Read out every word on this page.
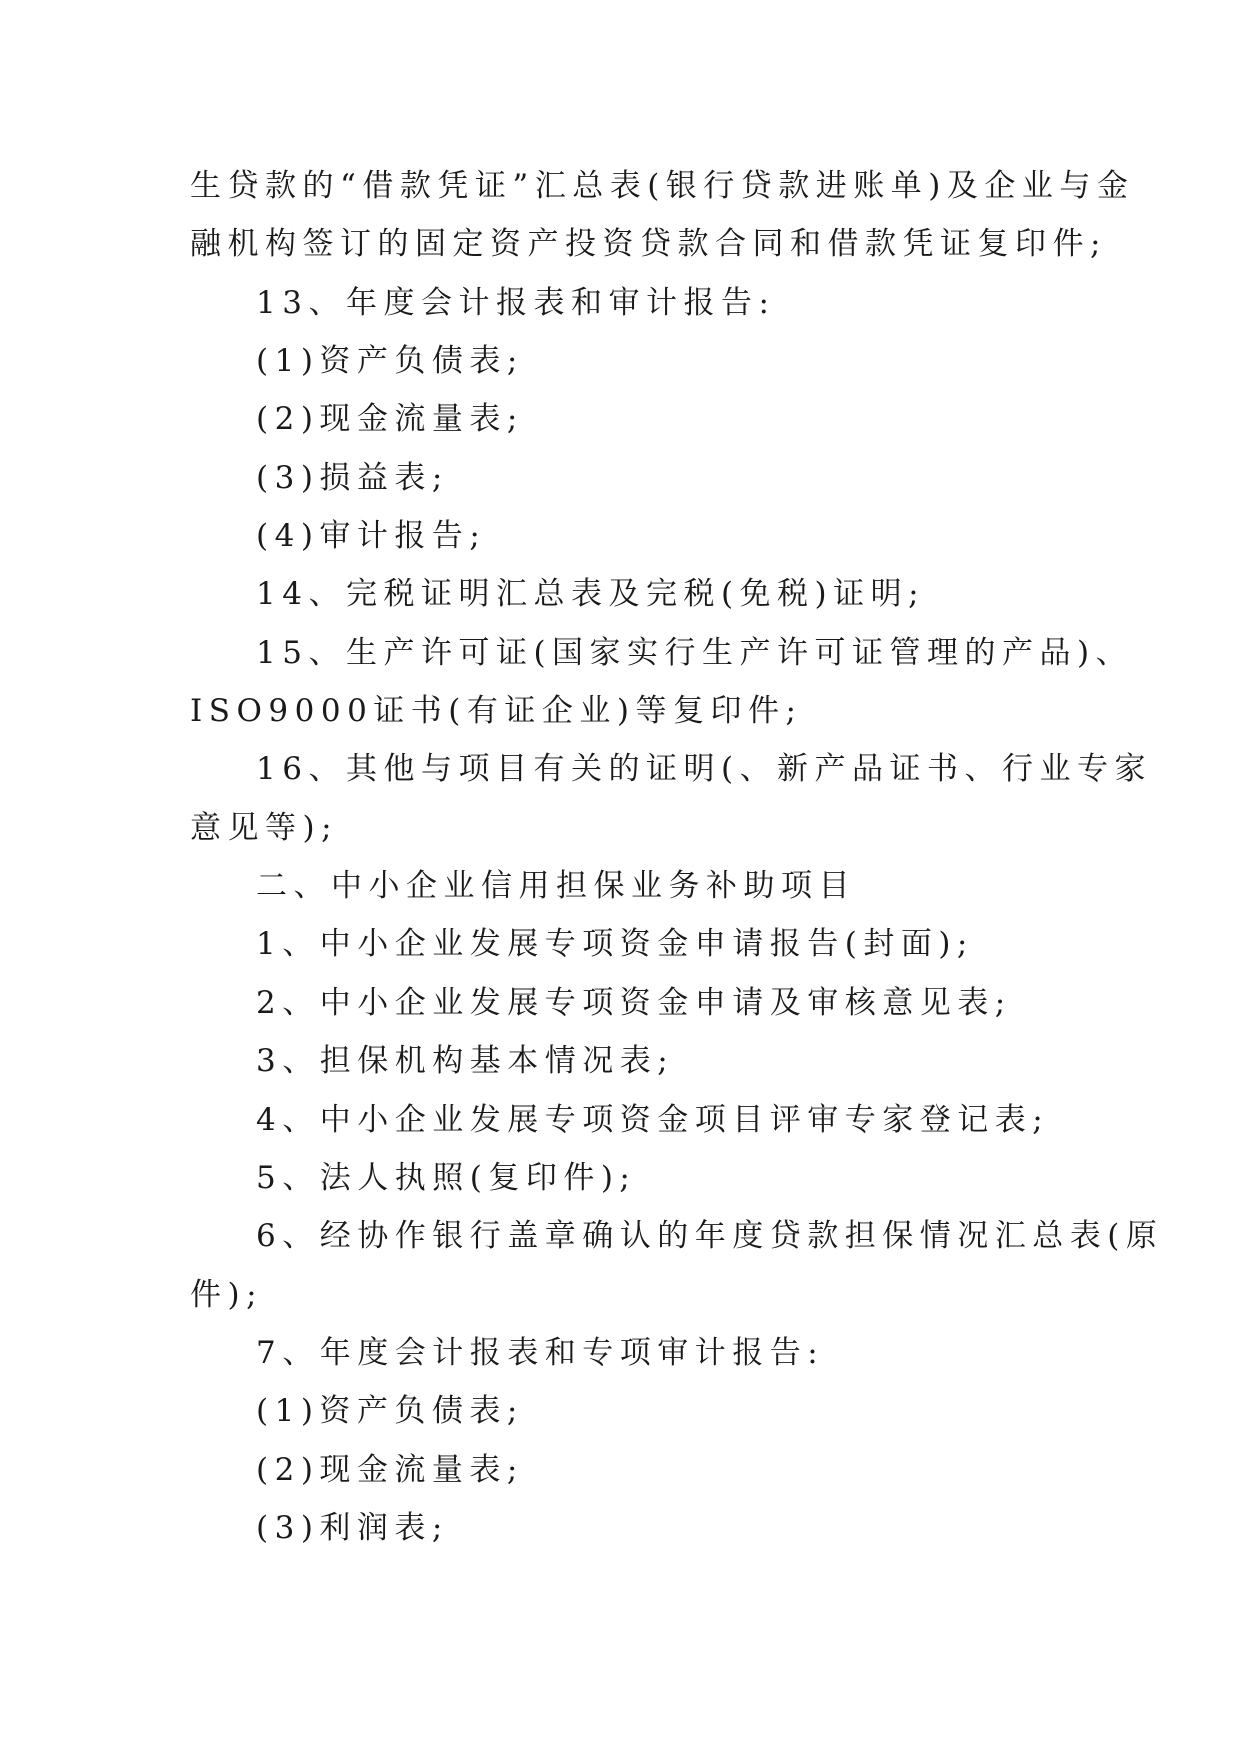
生贷款的“借款凭证”汇总表(银行贷款进账单)及企业与金
融机构签订的固定资产投资贷款合同和借款凭证复印件;
13、年度会计报表和审计报告:
(1)资产负债表;
(2)现金流量表;
(3)损益表;
(4)审计报告;
14、完税证明汇总表及完税(免税)证明;
15、生产许可证(国家实行生产许可证管理的产品)、
ISO9000证书(有证企业)等复印件;
16、其他与项目有关的证明(、新产品证书、行业专家
意见等);
二、中小企业信用担保业务补助项目
1、中小企业发展专项资金申请报告(封面);
2、中小企业发展专项资金申请及审核意见表;
3、担保机构基本情况表;
4、中小企业发展专项资金项目评审专家登记表;
5、法人执照(复印件);
6、经协作银行盖章确认的年度贷款担保情况汇总表(原
件);
7、年度会计报表和专项审计报告:
(1)资产负债表;
(2)现金流量表;
(3)利润表;
